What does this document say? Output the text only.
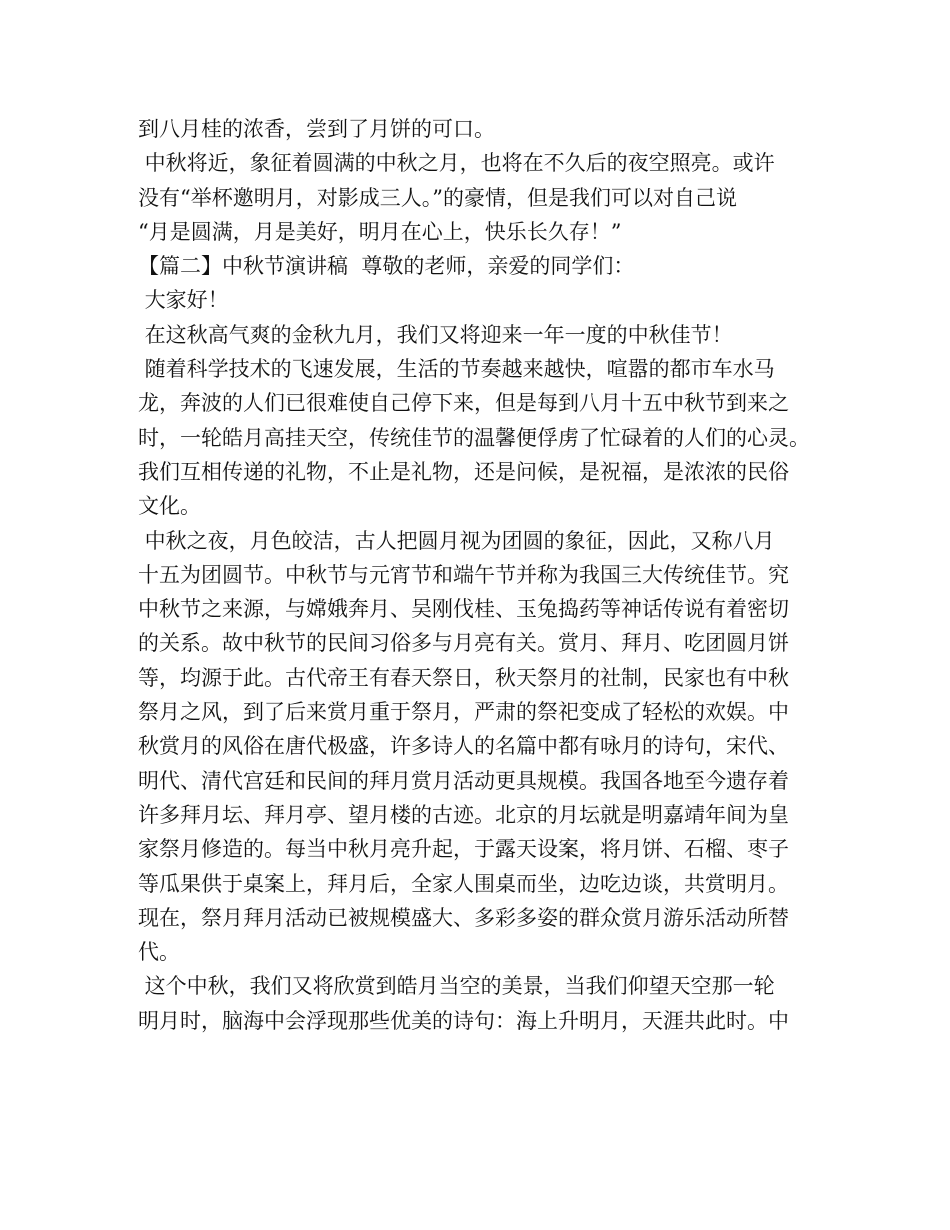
到八月桂的浓香，尝到了月饼的可口。
中秋将近，象征着圆满的中秋之月，也将在不久后的夜空照亮。或许
没有“举杯邀明月，对影成三人。”的豪情，但是我们可以对自己说
“月是圆满，月是美好，明月在心上，快乐长久存！”
【篇二】中秋节演讲稿  尊敬的老师，亲爱的同学们：
大家好！
在这秋高气爽的金秋九月，我们又将迎来一年一度的中秋佳节！
随着科学技术的飞速发展，生活的节奏越来越快，喧嚣的都市车水马
龙，奔波的人们已很难使自己停下来，但是每到八月十五中秋节到来之
时，一轮皓月高挂天空，传统佳节的温馨便俘虏了忙碌着的人们的心灵。
我们互相传递的礼物，不止是礼物，还是问候，是祝福，是浓浓的民俗
文化。
中秋之夜，月色皎洁，古人把圆月视为团圆的象征，因此，又称八月
十五为团圆节。中秋节与元宵节和端午节并称为我国三大传统佳节。究
中秋节之来源，与嫦娥奔月、吴刚伐桂、玉兔捣药等神话传说有着密切
的关系。故中秋节的民间习俗多与月亮有关。赏月、拜月、吃团圆月饼
等，均源于此。古代帝王有春天祭日，秋天祭月的社制，民家也有中秋
祭月之风，到了后来赏月重于祭月，严肃的祭祀变成了轻松的欢娱。中
秋赏月的风俗在唐代极盛，许多诗人的名篇中都有咏月的诗句，宋代、
明代、清代宫廷和民间的拜月赏月活动更具规模。我国各地至今遗存着
许多拜月坛、拜月亭、望月楼的古迹。北京的月坛就是明嘉靖年间为皇
家祭月修造的。每当中秋月亮升起，于露天设案，将月饼、石榴、枣子
等瓜果供于桌案上，拜月后，全家人围桌而坐，边吃边谈，共赏明月。
现在，祭月拜月活动已被规模盛大、多彩多姿的群众赏月游乐活动所替
代。
这个中秋，我们又将欣赏到皓月当空的美景，当我们仰望天空那一轮
明月时，脑海中会浮现那些优美的诗句：海上升明月，天涯共此时。中
